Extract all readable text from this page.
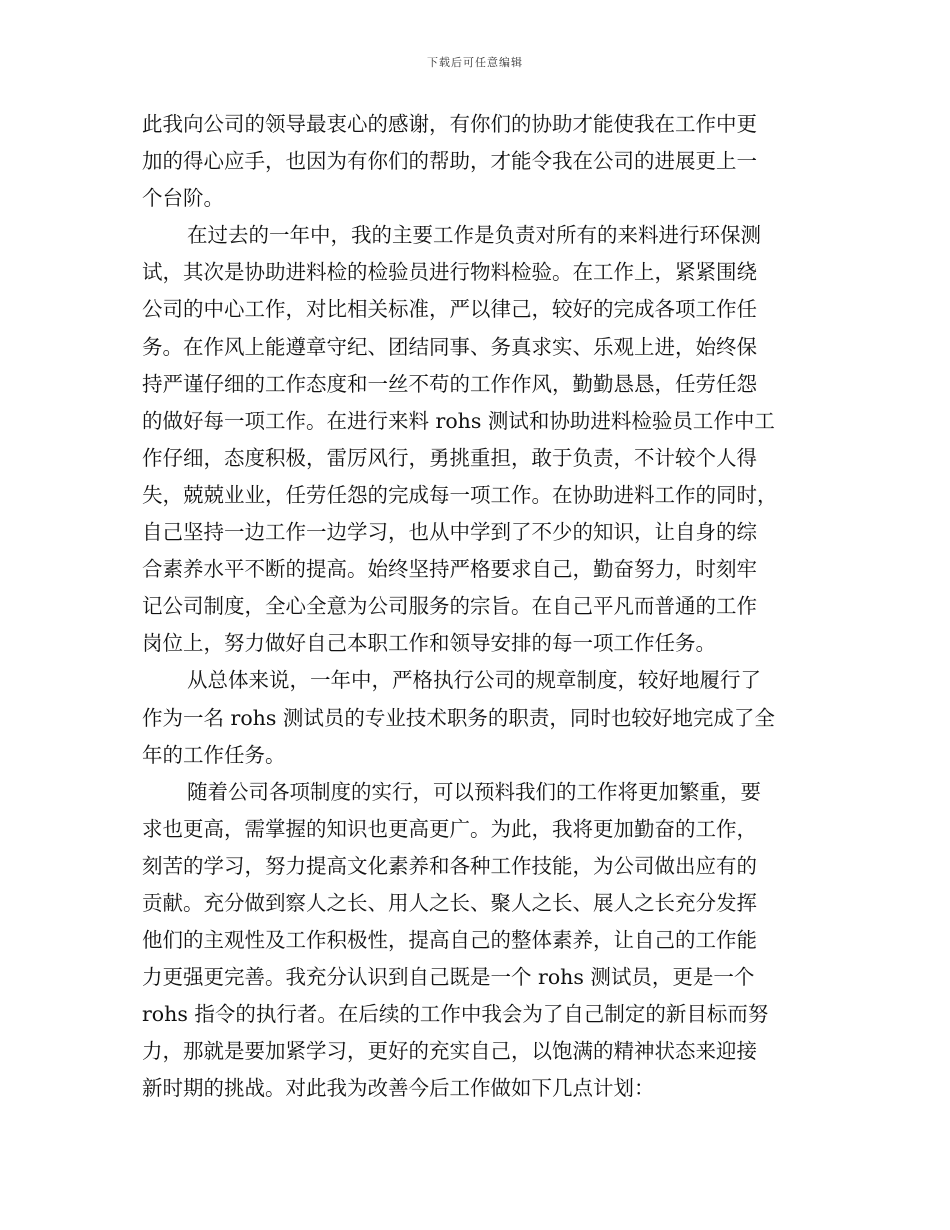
下载后可任意编辑
此我向公司的领导最衷心的感谢，有你们的协助才能使我在工作中更
加的得心应手，也因为有你们的帮助，才能令我在公司的进展更上一
个台阶。
在过去的一年中，我的主要工作是负责对所有的来料进行环保测
试，其次是协助进料检的检验员进行物料检验。在工作上，紧紧围绕
公司的中心工作，对比相关标准，严以律己，较好的完成各项工作任
务。在作风上能遵章守纪、团结同事、务真求实、乐观上进，始终保
持严谨仔细的工作态度和一丝不苟的工作作风，勤勤恳恳，任劳任怨
的做好每一项工作。在进行来料 rohs 测试和协助进料检验员工作中工
作仔细，态度积极，雷厉风行，勇挑重担，敢于负责，不计较个人得
失，兢兢业业，任劳任怨的完成每一项工作。在协助进料工作的同时，
自己坚持一边工作一边学习，也从中学到了不少的知识，让自身的综
合素养水平不断的提高。始终坚持严格要求自己，勤奋努力，时刻牢
记公司制度，全心全意为公司服务的宗旨。在自己平凡而普通的工作
岗位上，努力做好自己本职工作和领导安排的每一项工作任务。
从总体来说，一年中，严格执行公司的规章制度，较好地履行了
作为一名 rohs 测试员的专业技术职务的职责，同时也较好地完成了全
年的工作任务。
随着公司各项制度的实行，可以预料我们的工作将更加繁重，要
求也更高，需掌握的知识也更高更广。为此，我将更加勤奋的工作，
刻苦的学习，努力提高文化素养和各种工作技能，为公司做出应有的
贡献。充分做到察人之长、用人之长、聚人之长、展人之长充分发挥
他们的主观性及工作积极性，提高自己的整体素养，让自己的工作能
力更强更完善。我充分认识到自己既是一个 rohs 测试员，更是一个
rohs 指令的执行者。在后续的工作中我会为了自己制定的新目标而努
力，那就是要加紧学习，更好的充实自己，以饱满的精神状态来迎接
新时期的挑战。对此我为改善今后工作做如下几点计划：
